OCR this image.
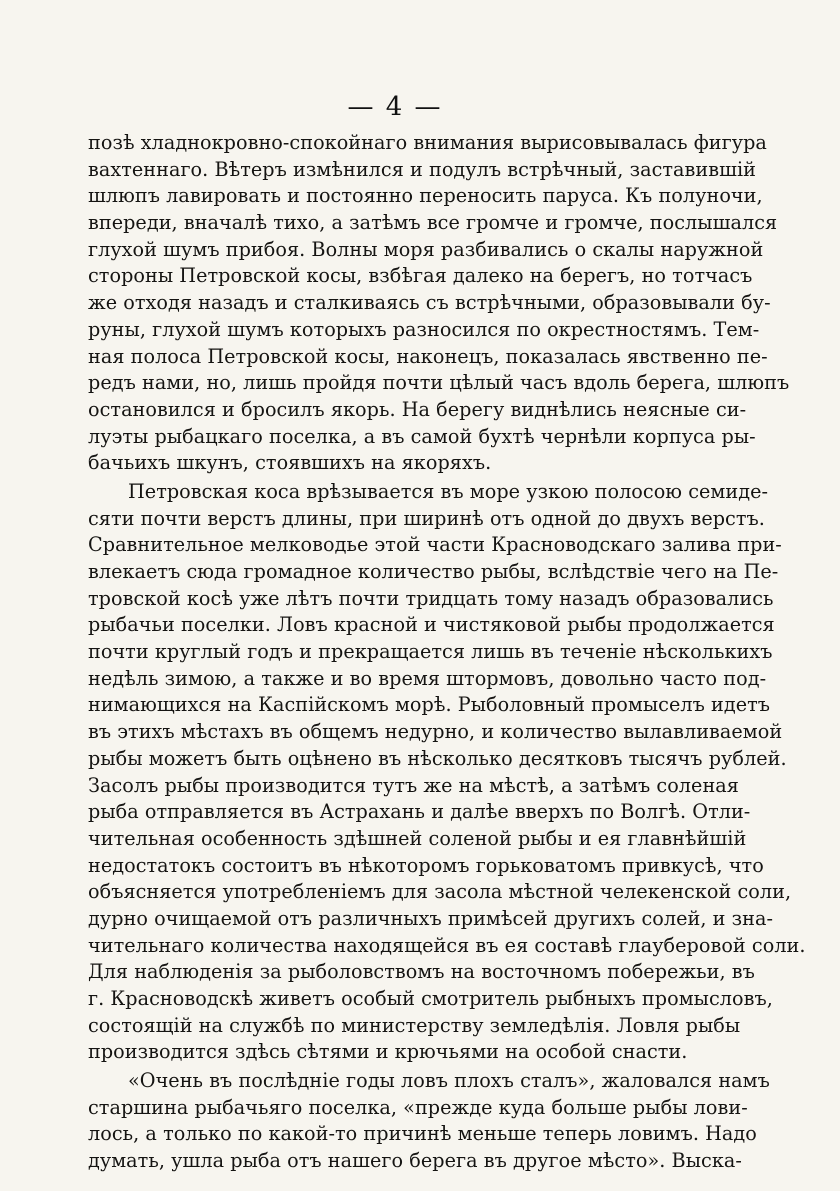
— 4 —
позѣ хладнокровно-спокойнаго внимания вырисовывалась фигура
вахтеннаго. Вѣтеръ измѣнился и подулъ встрѣчный, заставившій
шлюпъ лавировать и постоянно переносить паруса. Къ полуночи,
впереди, вначалѣ тихо, а затѣмъ все громче и громче, послышался
глухой шумъ прибоя. Волны моря разбивались о скалы наружной
стороны Петровской косы, взбѣгая далеко на берегъ, но тотчасъ
же отходя назадъ и сталкиваясь съ встрѣчными, образовывали бу-
руны, глухой шумъ которыхъ разносился по окрестностямъ. Тем-
ная полоса Петровской косы, наконецъ, показалась явственно пе-
редъ нами, но, лишь пройдя почти цѣлый часъ вдоль берега, шлюпъ
остановился и бросилъ якорь. На берегу виднѣлись неясные си-
луэты рыбацкаго поселка, а въ самой бухтѣ чернѣли корпуса ры-
бачьихъ шкунъ, стоявшихъ на якоряхъ.
Петровская коса врѣзывается въ море узкою полосою семиде-
сяти почти верстъ длины, при ширинѣ отъ одной до двухъ верстъ.
Сравнительное мелководье этой части Красноводскаго залива при-
влекаетъ сюда громадное количество рыбы, вслѣдствіе чего на Пе-
тровской косѣ уже лѣтъ почти тридцать тому назадъ образовались
рыбачьи поселки. Ловъ красной и чистяковой рыбы продолжается
почти круглый годъ и прекращается лишь въ теченіе нѣсколькихъ
недѣль зимою, а также и во время штормовъ, довольно часто под-
нимающихся на Каспійскомъ морѣ. Рыболовный промыселъ идетъ
въ этихъ мѣстахъ въ общемъ недурно, и количество вылавливаемой
рыбы можетъ быть оцѣнено въ нѣсколько десятковъ тысячъ рублей.
Засолъ рыбы производится тутъ же на мѣстѣ, а затѣмъ соленая
рыба отправляется въ Астрахань и далѣе вверхъ по Волгѣ. Отли-
чительная особенность здѣшней соленой рыбы и ея главнѣйшій
недостатокъ состоитъ въ нѣкоторомъ горьковатомъ привкусѣ, что
объясняется употребленіемъ для засола мѣстной челекенской соли,
дурно очищаемой отъ различныхъ примѣсей другихъ солей, и зна-
чительнаго количества находящейся въ ея составѣ глауберовой соли.
Для наблюденія за рыболовствомъ на восточномъ побережьи, въ
г. Красноводскѣ живетъ особый смотритель рыбныхъ промысловъ,
состоящій на службѣ по министерству земледѣлія. Ловля рыбы
производится здѣсь сѣтями и крючьями на особой снасти.
«Очень въ послѣдніе годы ловъ плохъ сталъ», жаловался намъ
старшина рыбачьяго поселка, «прежде куда больше рыбы лови-
лось, а только по какой-то причинѣ меньше теперь ловимъ. Надо
думать, ушла рыба отъ нашего берега въ другое мѣсто». Выска-
